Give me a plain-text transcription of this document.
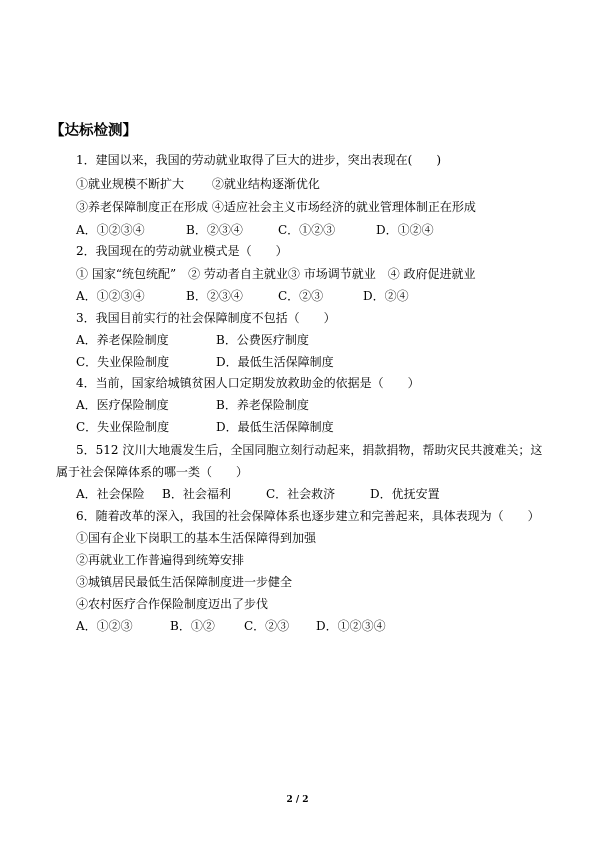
【达标检测】
1．建国以来，我国的劳动就业取得了巨大的进步，突出表现在(　　)
①就业规模不断扩大　　 ②就业结构逐渐优化
③养老保障制度正在形成 ④适应社会主义市场经济的就业管理体制正在形成
A．①②③④	B．②③④	C．①②③	D．①②④
2．我国现在的劳动就业模式是（　　）
① 国家“统包统配”　② 劳动者自主就业③ 市场调节就业　④ 政府促进就业
A．①②③④	B．②③④	C．②③	D．②④
3．我国目前实行的社会保障制度不包括（　　）
A．养老保险制度	B．公费医疗制度
C．失业保险制度	D．最低生活保障制度
4．当前，国家给城镇贫困人口定期发放救助金的依据是（　　）
A．医疗保险制度	B．养老保险制度
C．失业保险制度	D．最低生活保障制度
5．512 汶川大地震发生后，全国同胞立刻行动起来，捐款捐物，帮助灾民共渡难关；这
属于社会保障体系的哪一类（　　）
A．社会保险 B．社会福利	C．社会救济	D．优抚安置
6．随着改革的深入，我国的社会保障体系也逐步建立和完善起来，具体表现为（　　）
①国有企业下岗职工的基本生活保障得到加强
②再就业工作普遍得到统筹安排
③城镇居民最低生活保障制度进一步健全
④农村医疗合作保险制度迈出了步伐
A．①②③	B．①② C．②③ D．①②③④
2 / 2
